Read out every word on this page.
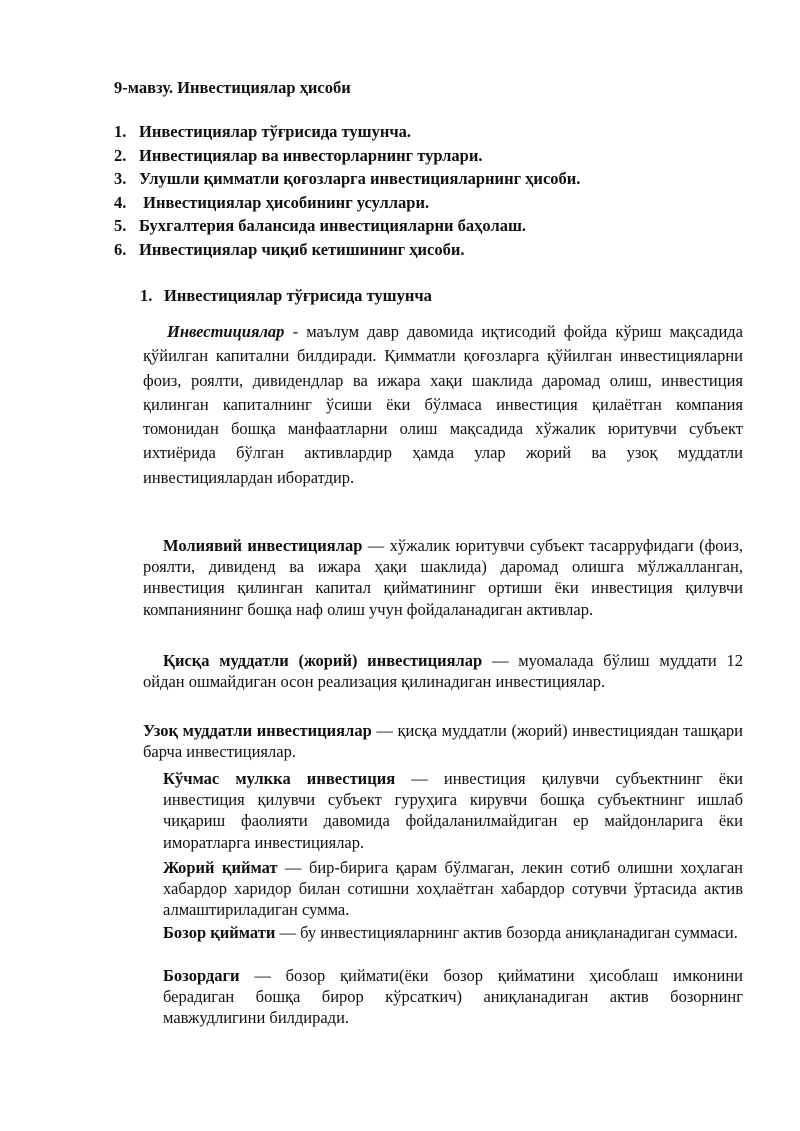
9-мавзу. Инвестициялар ҳисоби

1. Инвестициялар тўғрисида тушунча.
2. Инвестициялар ва инвесторларнинг турлари.
3. Улушли қимматли қоғозларга инвестицияларнинг ҳисоби.
4. Инвестициялар ҳисобининг усуллари.
5. Бухгалтерия балансида инвестицияларни баҳолаш.
6. Инвестициялар чиқиб кетишининг ҳисоби.

1. Инвестициялар тўғрисида тушунча

Инвестициялар - маълум давр давомида иқтисодий фойда кўриш мақсадида қўйилган капитални билдиради. Қимматли қоғозларга қўйилган инвестицияларни фоиз, роялти, дивидендлар ва ижара хақи шаклида даромад олиш, инвестиция қилинган капиталнинг ўсиши ёки бўлмаса инвестиция қилаётган компания томонидан бошқа манфаатларни олиш мақсадида хўжалик юритувчи субъект ихтиёрида бўлган активлардир ҳамда улар жорий ва узоқ муддатли инвестициялардан иборатдир.

Молиявий инвестициялар — хўжалик юритувчи субъект тасарруфидаги (фоиз, роялти, дивиденд ва ижара ҳақи шаклида) даромад олишга мўлжалланган, инвестиция қилинган капитал қийматининг ортиши ёки инвестиция қилувчи компаниянинг бошқа наф олиш учун фойдаланадиган активлар.

Қисқа муддатли (жорий) инвестициялар — муомалада бўлиш муддати 12 ойдан ошмайдиган осон реализация қилинадиган инвестициялар.

Узоқ муддатли инвестициялар — қисқа муддатли (жорий) инвестициядан ташқари барча инвестициялар.

Кўчмас мулкка инвестиция — инвестиция қилувчи субъектнинг ёки инвестиция қилувчи субъект гуруҳига кирувчи бошқа субъектнинг ишлаб чиқариш фаолияти давомида фойдаланилмайдиган ер майдонларига ёки иморатларга инвестициялар.

Жорий қиймат — бир-бирига қарам бўлмаган, лекин сотиб олишни хоҳлаган хабардор харидор билан сотишни хоҳлаётган хабардор сотувчи ўртасида актив алмаштириладиган сумма.

Бозор қиймати — бу инвестицияларнинг актив бозорда аниқланадиган суммаси.

Бозордаги — бозор қиймати(ёки бозор қийматини ҳисоблаш имконини берадиган бошқа бирор кўрсаткич) аниқланадиган актив бозорнинг мавжудлигини билдиради.
